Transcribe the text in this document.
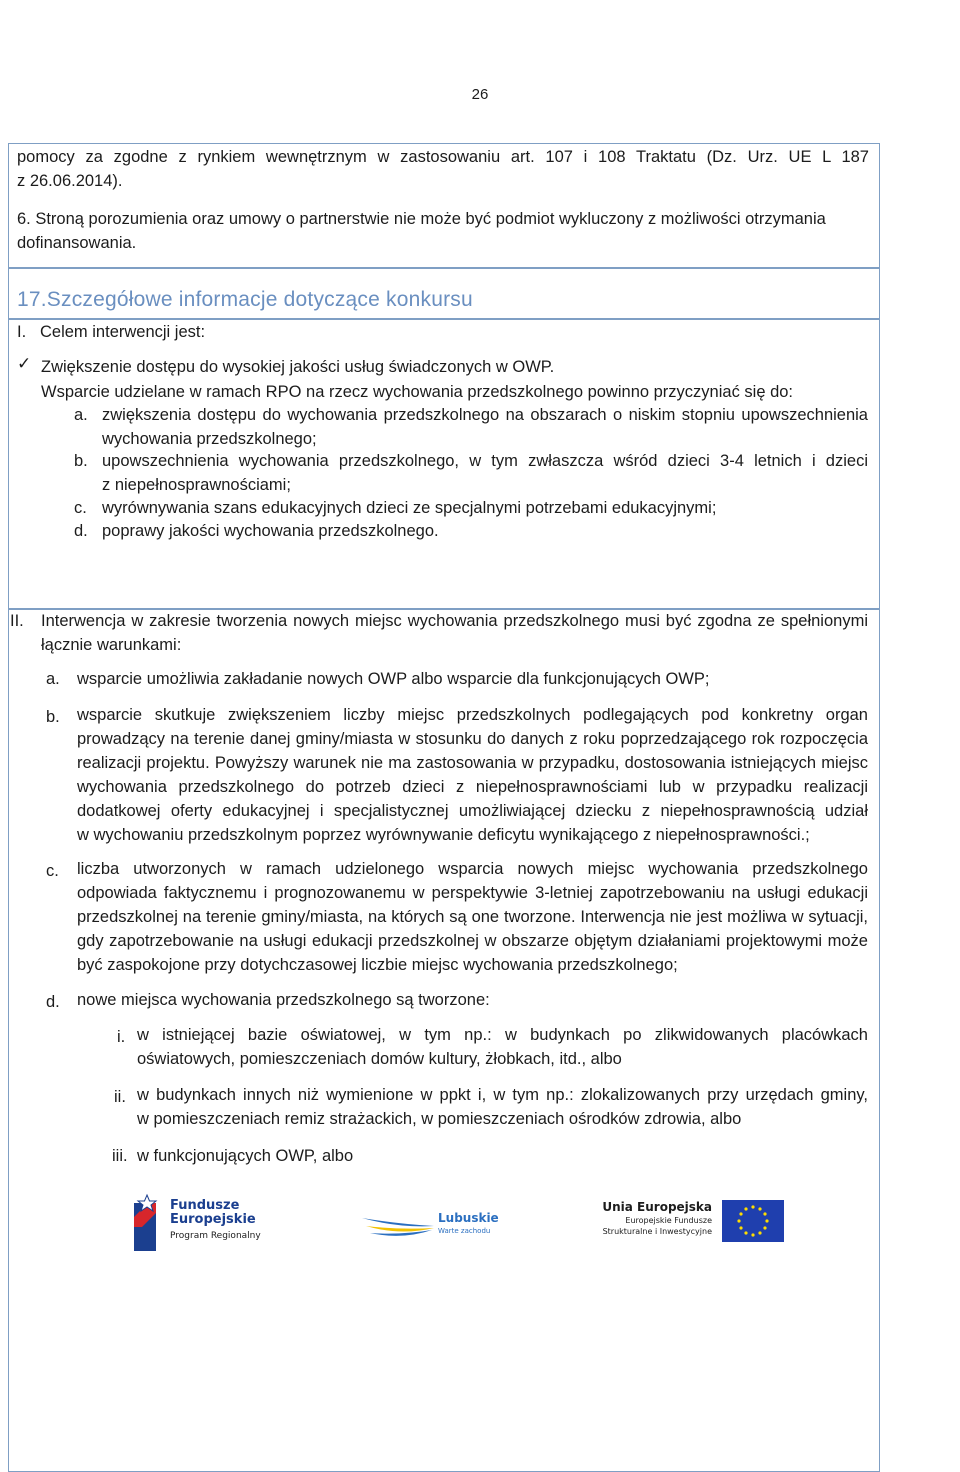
26
pomocy za zgodne z rynkiem wewnętrznym w zastosowaniu art. 107 i 108 Traktatu (Dz. Urz. UE L 187
z 26.06.2014).
6. Stroną porozumienia oraz umowy o partnerstwie nie może być podmiot wykluczony z możliwości otrzymania
dofinansowania.
17.Szczegółowe informacje dotyczące konkursu
I. Celem interwencji jest:
✓ Zwiększenie dostępu do wysokiej jakości usług świadczonych w OWP.
Wsparcie udzielane w ramach RPO na rzecz wychowania przedszkolnego powinno przyczyniać się do:
a. zwiększenia dostępu do wychowania przedszkolnego na obszarach o niskim stopniu upowszechnienia
wychowania przedszkolnego;
b. upowszechnienia wychowania przedszkolnego, w tym zwłaszcza wśród dzieci 3-4 letnich i dzieci
z niepełnosprawnościami;
c. wyrównywania szans edukacyjnych dzieci ze specjalnymi potrzebami edukacyjnymi;
d. poprawy jakości wychowania przedszkolnego.
II. Interwencja w zakresie tworzenia nowych miejsc wychowania przedszkolnego musi być zgodna ze spełnionymi
łącznie warunkami:
a. wsparcie umożliwia zakładanie nowych OWP albo wsparcie dla funkcjonujących OWP;
b. wsparcie skutkuje zwiększeniem liczby miejsc przedszkolnych podlegających pod konkretny organ
prowadzący na terenie danej gminy/miasta w stosunku do danych z roku poprzedzającego rok rozpoczęcia
realizacji projektu. Powyższy warunek nie ma zastosowania w przypadku, dostosowania istniejących miejsc
wychowania przedszkolnego do potrzeb dzieci z niepełnosprawnościami lub w przypadku realizacji
dodatkowej oferty edukacyjnej i specjalistycznej umożliwiającej dziecku z niepełnosprawnością udział
w wychowaniu przedszkolnym poprzez wyrównywanie deficytu wynikającego z niepełnosprawności.;
c. liczba utworzonych w ramach udzielonego wsparcia nowych miejsc wychowania przedszkolnego
odpowiada faktycznemu i prognozowanemu w perspektywie 3-letniej zapotrzebowaniu na usługi edukacji
przedszkolnej na terenie gminy/miasta, na których są one tworzone. Interwencja nie jest możliwa w sytuacji,
gdy zapotrzebowanie na usługi edukacji przedszkolnej w obszarze objętym działaniami projektowymi może
być zaspokojone przy dotychczasowej liczbie miejsc wychowania przedszkolnego;
d. nowe miejsca wychowania przedszkolnego są tworzone:
i. w istniejącej bazie oświatowej, w tym np.: w budynkach po zlikwidowanych placówkach
oświatowych, pomieszczeniach domów kultury, żłobkach, itd., albo
ii. w budynkach innych niż wymienione w ppkt i, w tym np.: zlokalizowanych przy urzędach gminy,
w pomieszczeniach remiz strażackich, w pomieszczeniach ośrodków zdrowia, albo
iii. w funkcjonujących OWP, albo
Fundusze
Europejskie
Program Regionalny
Lubuskie
Warte zachodu
Unia Europejska
Europejskie Fundusze
Strukturalne i Inwestycyjne
